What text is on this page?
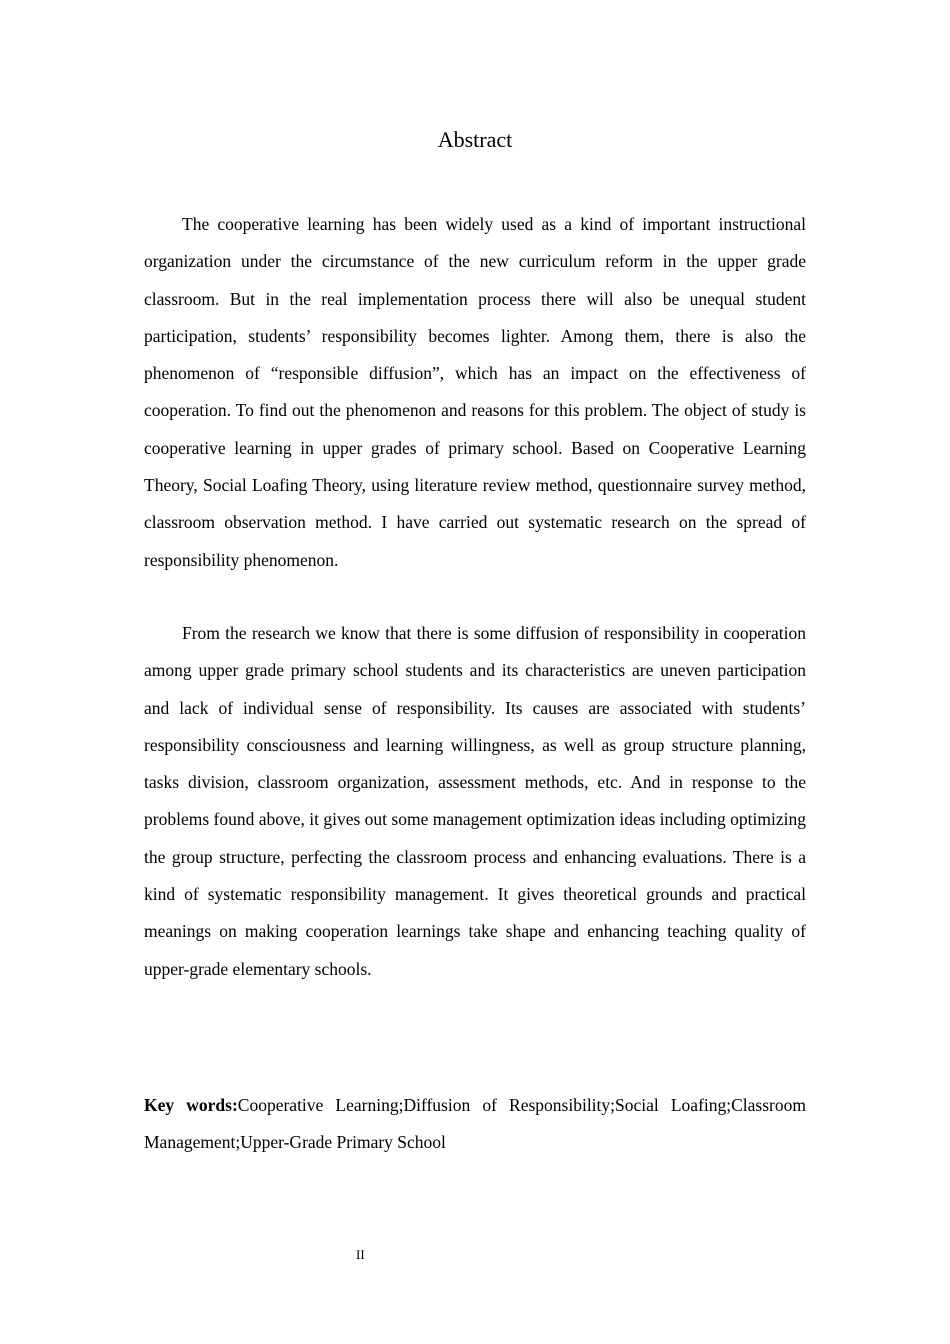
Abstract

The cooperative learning has been widely used as a kind of important instructional organization under the circumstance of the new curriculum reform in the upper grade classroom. But in the real implementation process there will also be unequal student participation, students’ responsibility becomes lighter. Among them, there is also the phenomenon of “responsible diffusion”, which has an impact on the effectiveness of cooperation. To find out the phenomenon and reasons for this problem. The object of study is cooperative learning in upper grades of primary school. Based on Cooperative Learning Theory, Social Loafing Theory, using literature review method, questionnaire survey method, classroom observation method. I have carried out systematic research on the spread of responsibility phenomenon.

From the research we know that there is some diffusion of responsibility in cooperation among upper grade primary school students and its characteristics are uneven participation and lack of individual sense of responsibility. Its causes are associated with students’ responsibility consciousness and learning willingness, as well as group structure planning, tasks division, classroom organization, assessment methods, etc. And in response to the problems found above, it gives out some management optimization ideas including optimizing the group structure, perfecting the classroom process and enhancing evaluations. There is a kind of systematic responsibility management. It gives theoretical grounds and practical meanings on making cooperation learnings take shape and enhancing teaching quality of upper-grade elementary schools.

Key words:Cooperative Learning;Diffusion of Responsibility;Social Loafing;Classroom Management;Upper-Grade Primary School

II
